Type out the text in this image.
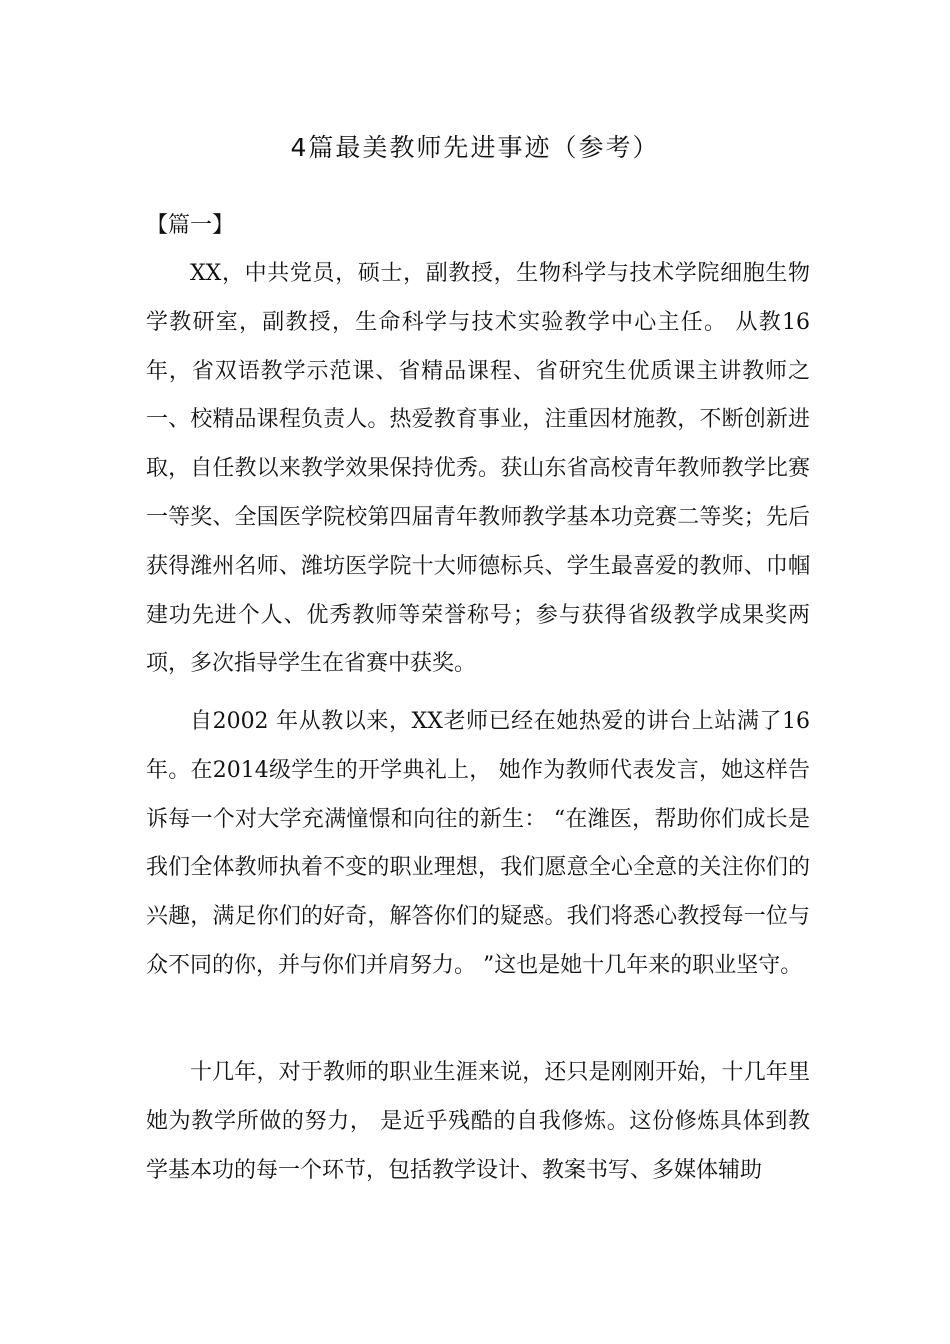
4篇最美教师先进事迹（参考）
【篇一】

XX，中共党员，硕士，副教授，生物科学与技术学院细胞生物学教研室，副教授，生命科学与技术实验教学中心主任。 从教16年，省双语教学示范课、省精品课程、省研究生优质课主讲教师之一、校精品课程负责人。热爱教育事业，注重因材施教，不断创新进取，自任教以来教学效果保持优秀。获山东省高校青年教师教学比赛一等奖、全国医学院校第四届青年教师教学基本功竞赛二等奖；先后获得潍州名师、潍坊医学院十大师德标兵、学生最喜爱的教师、巾帼建功先进个人、优秀教师等荣誉称号；参与获得省级教学成果奖两项，多次指导学生在省赛中获奖。

自2002 年从教以来，XX老师已经在她热爱的讲台上站满了16年。在2014级学生的开学典礼上， 她作为教师代表发言，她这样告诉每一个对大学充满憧憬和向往的新生： “在潍医，帮助你们成长是我们全体教师执着不变的职业理想，我们愿意全心全意的关注你们的兴趣，满足你们的好奇，解答你们的疑惑。我们将悉心教授每一位与众不同的你，并与你们并肩努力。 ”这也是她十几年来的职业坚守。

十几年，对于教师的职业生涯来说，还只是刚刚开始，十几年里她为教学所做的努力， 是近乎残酷的自我修炼。这份修炼具体到教学基本功的每一个环节，包括教学设计、教案书写、多媒体辅助
